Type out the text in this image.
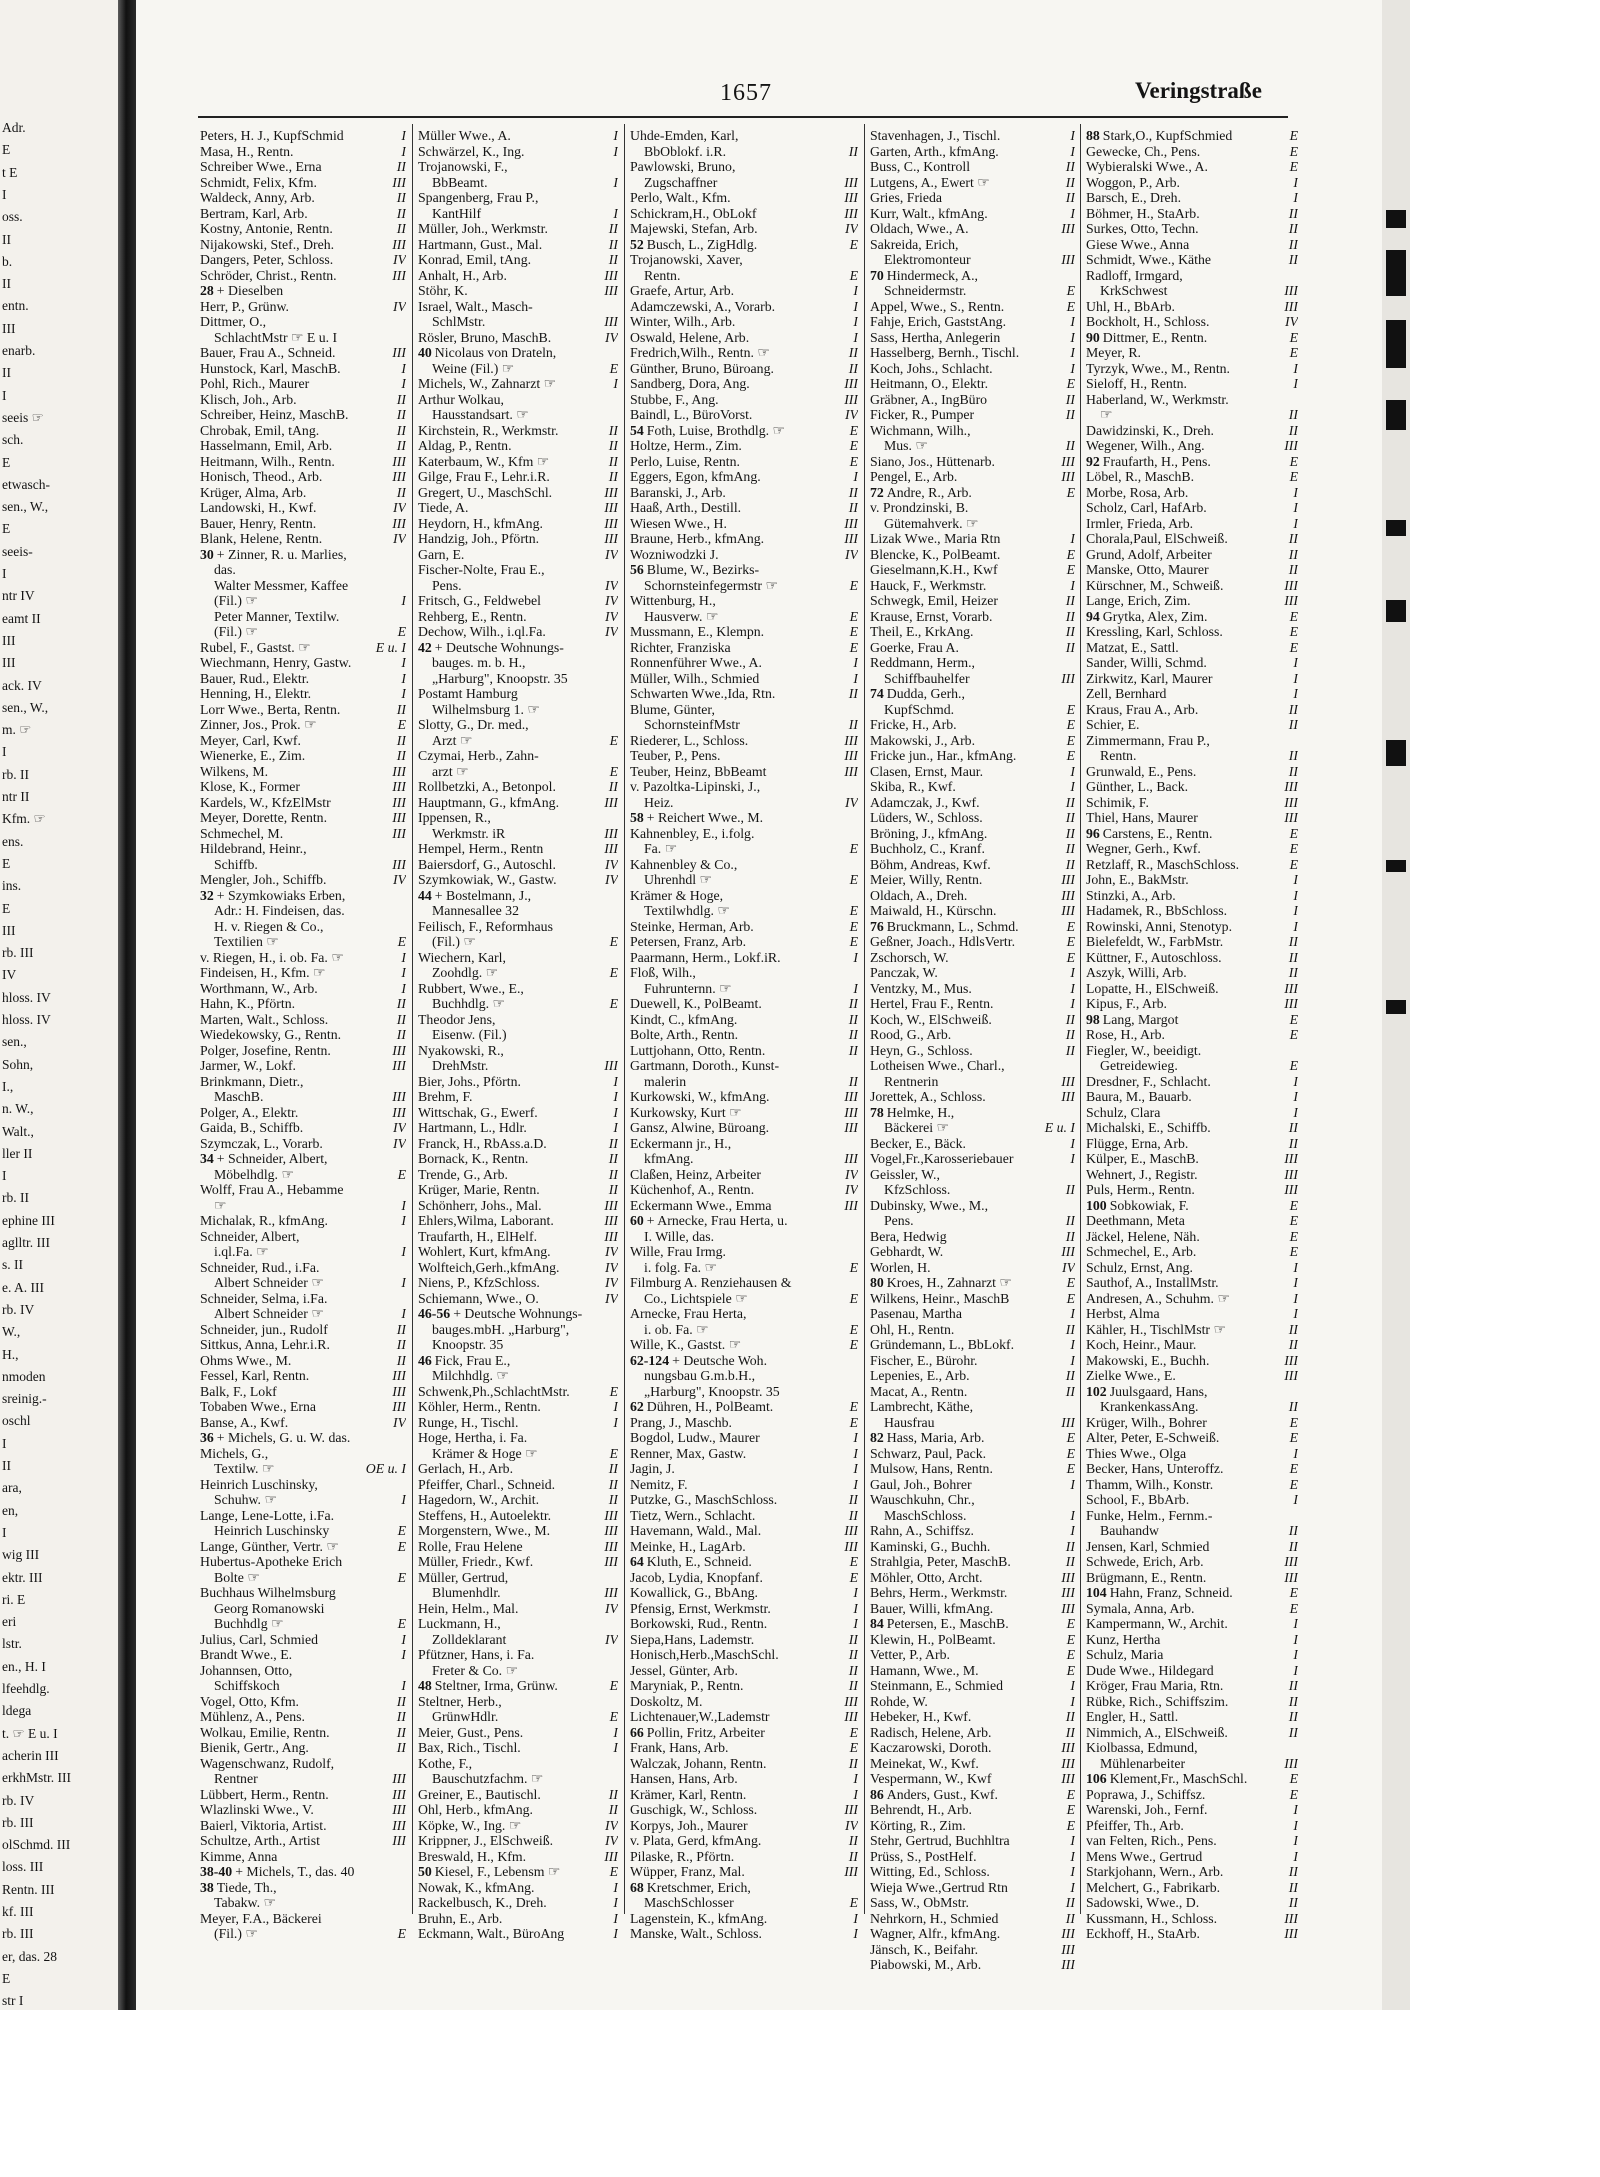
Adr.
E
t E
I
oss.
II
b.
II
entn.
III
enarb.
II
I
seeis ☞
sch.
E
etwasch-
sen., W.,
E
seeis-
I
ntr IV
eamt II
III
III
ack. IV
sen., W.,
m. ☞
I
rb. II
ntr II
Kfm. ☞
ens.
E
ins.
E
III
rb. III
IV
hloss. IV
hloss. IV
sen.,
Sohn,
I.,
n. W.,
Walt.,
ller II
I
rb. II
ephine III
aglltr. III
s. II
e. A. III
rb. IV
W.,
H.,
nmoden
sreinig.-
oschl
I
II
ara,
en,
I
wig III
ektr. III
ri. E
eri
lstr.
en., H. I
lfeehdlg.
ldega
t. ☞ E u. I
acherin III
erkhMstr. III
rb. IV
rb. III
olSchmd. III
loss. III
Rentn. III
kf. III
rb. III
er, das. 28
E
str I
1657	Veringstraße
Peters, H. J., KupfSchmid	I
Masa, H., Rentn.	I
Schreiber Wwe., Erna	II
Schmidt, Felix, Kfm.	III
Waldeck, Anny, Arb.	II
Bertram, Karl, Arb.	II
Kostny, Antonie, Rentn.	II
Nijakowski, Stef., Dreh.	III
Dangers, Peter, Schloss.	IV
Schröder, Christ., Rentn.	III
28 + Dieselben
Herr, P., Grünw.	IV
Dittmer, O.,
SchlachtMstr ☞ E u. I
Bauer, Frau A., Schneid.	III
Hunstock, Karl, MaschB.	I
Pohl, Rich., Maurer	I
Klisch, Joh., Arb.	II
Schreiber, Heinz, MaschB.	II
Chrobak, Emil, tAng.	II
Hasselmann, Emil, Arb.	II
Heitmann, Wilh., Rentn.	III
Honisch, Theod., Arb.	III
Krüger, Alma, Arb.	II
Landowski, H., Kwf.	IV
Bauer, Henry, Rentn.	III
Blank, Helene, Rentn.	IV
30 + Zinner, R. u. Marlies,
das.
Walter Messmer, Kaffee
(Fil.) ☞	I
Peter Manner, Textilw.
(Fil.) ☞	E
Rubel, F., Gastst. ☞	E u. I
Wiechmann, Henry, Gastw.	I
Bauer, Rud., Elektr.	I
Henning, H., Elektr.	I
Lorr Wwe., Berta, Rentn.	II
Zinner, Jos., Prok. ☞	E
Meyer, Carl, Kwf.	II
Wienerke, E., Zim.	II
Wilkens, M.	III
Klose, K., Former	III
Kardels, W., KfzElMstr	III
Meyer, Dorette, Rentn.	III
Schmechel, M.	III
Hildebrand, Heinr.,
Schiffb.	III
Mengler, Joh., Schiffb.	IV
32 + Szymkowiaks Erben,
Adr.: H. Findeisen, das.
H. v. Riegen & Co.,
Textilien ☞	E
v. Riegen, H., i. ob. Fa. ☞	I
Findeisen, H., Kfm. ☞	I
Worthmann, W., Arb.	I
Hahn, K., Pförtn.	II
Marten, Walt., Schloss.	II
Wiedekowsky, G., Rentn.	II
Polger, Josefine, Rentn.	III
Jarmer, W., Lokf.	III
Brinkmann, Dietr.,
MaschB.	III
Polger, A., Elektr.	III
Gaida, B., Schiffb.	IV
Szymczak, L., Vorarb.	IV
34 + Schneider, Albert,
Möbelhdlg. ☞	E
Wolff, Frau A., Hebamme
☞	I
Michalak, R., kfmAng.	I
Schneider, Albert,
i.ql.Fa. ☞	I
Schneider, Rud., i.Fa.
Albert Schneider ☞	I
Schneider, Selma, i.Fa.
Albert Schneider ☞	I
Schneider, jun., Rudolf	II
Sittkus, Anna, Lehr.i.R.	II
Ohms Wwe., M.	II
Fessel, Karl, Rentn.	III
Balk, F., Lokf	III
Tobaben Wwe., Erna	III
Banse, A., Kwf.	IV
36 + Michels, G. u. W. das.
Michels, G.,
Textilw. ☞	OE u. I
Heinrich Luschinsky,
Schuhw. ☞	I
Lange, Lene-Lotte, i.Fa.
Heinrich Luschinsky	E
Lange, Günther, Vertr. ☞	E
Hubertus-Apotheke Erich
Bolte ☞	E
Buchhaus Wilhelmsburg
Georg Romanowski
Buchhdlg ☞	E
Julius, Carl, Schmied	I
Brandt Wwe., E.	I
Johannsen, Otto,
Schiffskoch	I
Vogel, Otto, Kfm.	II
Mühlenz, A., Pens.	II
Wolkau, Emilie, Rentn.	II
Bienik, Gertr., Ang.	II
Wagenschwanz, Rudolf,
Rentner	III
Lübbert, Herm., Rentn.	III
Wlazlinski Wwe., V.	III
Baierl, Viktoria, Artist.	III
Schultze, Arth., Artist	III
Kimme, Anna
38-40 + Michels, T., das. 40
38 Tiede, Th.,
Tabakw. ☞
Meyer, F.A., Bäckerei
(Fil.) ☞	E
Müller Wwe., A.	I
Schwärzel, K., Ing.	I
Trojanowski, F.,
BbBeamt.	I
Spangenberg, Frau P.,
KantHilf	I
Müller, Joh., Werkmstr.	II
Hartmann, Gust., Mal.	II
Konrad, Emil, tAng.	II
Anhalt, H., Arb.	III
Stöhr, K.	III
Israel, Walt., Masch-
SchlMstr.	III
Rösler, Bruno, MaschB.	IV
40 Nicolaus von Drateln,
Weine (Fil.) ☞	E
Michels, W., Zahnarzt ☞	I
Arthur Wolkau,
Hausstandsart. ☞
Kirchstein, R., Werkmstr.	II
Aldag, P., Rentn.	II
Katerbaum, W., Kfm ☞	II
Gilge, Frau F., Lehr.i.R.	II
Gregert, U., MaschSchl.	III
Tiede, A.	III
Heydorn, H., kfmAng.	III
Handzig, Joh., Pförtn.	III
Garn, E.	IV
Fischer-Nolte, Frau E.,
Pens.	IV
Fritsch, G., Feldwebel	IV
Rehberg, E., Rentn.	IV
Dechow, Wilh., i.ql.Fa.	IV
42 + Deutsche Wohnungs-
bauges. m. b. H.,
„Harburg", Knoopstr. 35
Postamt Hamburg
Wilhelmsburg 1. ☞
Slotty, G., Dr. med.,
Arzt ☞	E
Czymai, Herb., Zahn-
arzt ☞	E
Rollbetzki, A., Betonpol.	II
Hauptmann, G., kfmAng.	III
Ippensen, R.,
Werkmstr. iR	III
Hempel, Herm., Rentn	III
Baiersdorf, G., Autoschl.	IV
Szymkowiak, W., Gastw.	IV
44 + Bostelmann, J.,
Mannesallee 32
Feilisch, F., Reformhaus
(Fil.) ☞	E
Wiechern, Karl,
Zoohdlg. ☞	E
Rubbert, Wwe., E.,
Buchhdlg. ☞	E
Theodor Jens,
Eisenw. (Fil.)
Nyakowski, R.,
DrehMstr.	III
Bier, Johs., Pförtn.	I
Brehm, F.	I
Wittschak, G., Ewerf.	I
Hartmann, L., Hdlr.	I
Franck, H., RbAss.a.D.	II
Bornack, K., Rentn.	II
Trende, G., Arb.	II
Krüger, Marie, Rentn.	II
Schönherr, Johs., Mal.	III
Ehlers,Wilma, Laborant.	III
Traufarth, H., ElHelf.	III
Wohlert, Kurt, kfmAng.	IV
Wolfteich,Gerh.,kfmAng.	IV
Niens, P., KfzSchloss.	IV
Schiemann, Wwe., O.	IV
46-56 + Deutsche Wohnungs-
bauges.mbH. „Harburg",
Knoopstr. 35
46 Fick, Frau E.,
Milchhdlg. ☞
Schwenk,Ph.,SchlachtMstr.	E
Köhler, Herm., Rentn.	I
Runge, H., Tischl.	I
Hoge, Hertha, i. Fa.
Krämer & Hoge ☞	E
Gerlach, H., Arb.	II
Pfeiffer, Charl., Schneid.	II
Hagedorn, W., Archit.	II
Steffens, H., Autoelektr.	III
Morgenstern, Wwe., M.	III
Rolle, Frau Helene	III
Müller, Friedr., Kwf.	III
Müller, Gertrud,
Blumenhdlr.	III
Hein, Helm., Mal.	IV
Luckmann, H.,
Zolldeklarant	IV
Pfützner, Hans, i. Fa.
Freter & Co. ☞
48 Steltner, Irma, Grünw.	E
Steltner, Herb.,
GrünwHdlr.	E
Meier, Gust., Pens.	I
Bax, Rich., Tischl.	I
Kothe, F.,
Bauschutzfachm. ☞
Greiner, E., Bautischl.	II
Ohl, Herb., kfmAng.	II
Köpke, W., Ing. ☞	IV
Krippner, J., ElSchweiß.	IV
Breswald, H., Kfm.	III
50 Kiesel, F., Lebensm ☞	E
Nowak, K., kfmAng.	I
Rackelbusch, K., Dreh.	I
Bruhn, E., Arb.	I
Eckmann, Walt., BüroAng	I
Uhde-Emden, Karl,
BbOblokf. i.R.	II
Pawlowski, Bruno,
Zugschaffner	III
Perlo, Walt., Kfm.	III
Schickram,H., ObLokf	III
Majewski, Stefan, Arb.	IV
52 Busch, L., ZigHdlg.	E
Trojanowski, Xaver,
Rentn.	E
Graefe, Artur, Arb.	I
Adamczewski, A., Vorarb.	I
Winter, Wilh., Arb.	I
Oswald, Helene, Arb.	I
Fredrich,Wilh., Rentn. ☞	II
Günther, Bruno, Büroang.	II
Sandberg, Dora, Ang.	III
Stubbe, F., Ang.	III
Baindl, L., BüroVorst.	IV
54 Foth, Luise, Brothdlg. ☞	E
Holtze, Herm., Zim.	E
Perlo, Luise, Rentn.	E
Eggers, Egon, kfmAng.	I
Baranski, J., Arb.	II
Haaß, Arth., Destill.	II
Wiesen Wwe., H.	III
Braune, Herb., kfmAng.	III
Wozniwodzki J.	IV
56 Blume, W., Bezirks-
Schornsteinfegermstr ☞	E
Wittenburg, H.,
Hausverw. ☞	E
Mussmann, E., Klempn.	E
Richter, Franziska	E
Ronnenführer Wwe., A.	I
Müller, Wilh., Schmied	I
Schwarten Wwe.,Ida, Rtn.	II
Blume, Günter,
SchornsteinfMstr	II
Riederer, L., Schloss.	III
Teuber, P., Pens.	III
Teuber, Heinz, BbBeamt	III
v. Pazoltka-Lipinski, J.,
Heiz.	IV
58 + Reichert Wwe., M.
Kahnenbley, E., i.folg.
Fa. ☞	E
Kahnenbley & Co.,
Uhrenhdl ☞	E
Krämer & Hoge,
Textilwhdlg. ☞	E
Steinke, Herman, Arb.	E
Petersen, Franz, Arb.	E
Paarmann, Herm., Lokf.iR.	I
Floß, Wilh.,
Fuhrunternn. ☞	I
Duewell, K., PolBeamt.	II
Kindt, C., kfmAng.	II
Bolte, Arth., Rentn.	II
Luttjohann, Otto, Rentn.	II
Gartmann, Doroth., Kunst-
malerin	II
Kurkowski, W., kfmAng.	III
Kurkowsky, Kurt ☞	III
Gansz, Alwine, Büroang.	III
Eckermann jr., H.,
kfmAng.	III
Claßen, Heinz, Arbeiter	IV
Küchenhof, A., Rentn.	IV
Eckermann Wwe., Emma	III
60 + Arnecke, Frau Herta, u.
I. Wille, das.
Wille, Frau Irmg.
i. folg. Fa. ☞	E
Filmburg A. Renziehausen &
Co., Lichtspiele ☞	E
Arnecke, Frau Herta,
i. ob. Fa. ☞	E
Wille, K., Gastst. ☞	E
62-124 + Deutsche Woh.
nungsbau G.m.b.H.,
„Harburg", Knoopstr. 35
62 Dühren, H., PolBeamt.	E
Prang, J., Maschb.	E
Bogdol, Ludw., Maurer	I
Renner, Max, Gastw.	I
Jagin, J.	I
Nemitz, F.	I
Putzke, G., MaschSchloss.	II
Tietz, Wern., Schlacht.	II
Havemann, Wald., Mal.	III
Meinke, H., LagArb.	III
64 Kluth, E., Schneid.	E
Jacob, Lydia, Knopfanf.	E
Kowallick, G., BbAng.	I
Pfensig, Ernst, Werkmstr.	I
Borkowski, Rud., Rentn.	I
Siepa,Hans, Lademstr.	II
Honisch,Herb.,MaschSchl.	II
Jessel, Günter, Arb.	II
Maryniak, P., Rentn.	II
Doskoltz, M.	III
Lichtenauer,W.,Lademstr	III
66 Pollin, Fritz, Arbeiter	E
Frank, Hans, Arb.	E
Walczak, Johann, Rentn.	II
Hansen, Hans, Arb.	I
Krämer, Karl, Rentn.	I
Guschigk, W., Schloss.	III
Korpys, Joh., Maurer	IV
v. Plata, Gerd, kfmAng.	II
Pilaske, R., Pförtn.	II
Wüpper, Franz, Mal.	III
68 Kretschmer, Erich,
MaschSchlosser	E
Lagenstein, K., kfmAng.	I
Manske, Walt., Schloss.	I
Stavenhagen, J., Tischl.	I
Garten, Arth., kfmAng.	I
Buss, C., Kontroll	II
Lutgens, A., Ewert ☞	II
Gries, Frieda	II
Kurr, Walt., kfmAng.	I
Oldach, Wwe., A.	III
Sakreida, Erich,
Elektromonteur	III
70 Hindermeck, A.,
Schneidermstr.	E
Appel, Wwe., S., Rentn.	E
Fahje, Erich, GaststAng.	I
Sass, Hertha, Anlegerin	I
Hasselberg, Bernh., Tischl.	I
Koch, Johs., Schlacht.	I
Heitmann, O., Elektr.	E
Gräbner, A., IngBüro	II
Ficker, R., Pumper	II
Wichmann, Wilh.,
Mus. ☞	II
Siano, Jos., Hüttenarb.	III
Pengel, E., Arb.	III
72 Andre, R., Arb.	E
v. Prondzinski, B.
Gütemahverk. ☞
Lizak Wwe., Maria Rtn	I
Blencke, K., PolBeamt.	E
Gieselmann,K.H., Kwf	E
Hauck, F., Werkmstr.	I
Schwegk, Emil, Heizer	II
Krause, Ernst, Vorarb.	II
Theil, E., KrkAng.	II
Goerke, Frau A.	II
Reddmann, Herm.,
Schiffbauhelfer	III
74 Dudda, Gerh.,
KupfSchmd.	E
Fricke, H., Arb.	E
Makowski, J., Arb.	E
Fricke jun., Har., kfmAng.	E
Clasen, Ernst, Maur.	I
Skiba, R., Kwf.	I
Adamczak, J., Kwf.	II
Lüders, W., Schloss.	II
Bröning, J., kfmAng.	II
Buchholz, C., Kranf.	II
Böhm, Andreas, Kwf.	II
Meier, Willy, Rentn.	III
Oldach, A., Dreh.	III
Maiwald, H., Kürschn.	III
76 Bruckmann, L., Schmd.	E
Geßner, Joach., HdlsVertr.	E
Zschorsch, W.	E
Panczak, W.	I
Ventzky, M., Mus.	I
Hertel, Frau F., Rentn.	I
Koch, W., ElSchweiß.	II
Rood, G., Arb.	II
Heyn, G., Schloss.	II
Lotheisen Wwe., Charl.,
Rentnerin	III
Jorettek, A., Schloss.	III
78 Helmke, H.,
Bäckerei ☞	E u. I
Becker, E., Bäck.	I
Vogel,Fr.,Karosseriebauer	I
Geissler, W.,
KfzSchloss.	II
Dubinsky, Wwe., M.,
Pens.	II
Bera, Hedwig	II
Gebhardt, W.	III
Worlen, H.	IV
80 Kroes, H., Zahnarzt ☞	E
Wilkens, Heinr., MaschB	E
Pasenau, Martha	I
Ohl, H., Rentn.	II
Gründemann, L., BbLokf.	I
Fischer, E., Bürohr.	I
Lepenies, E., Arb.	II
Macat, A., Rentn.	II
Lambrecht, Käthe,
Hausfrau	III
82 Hass, Maria, Arb.	E
Schwarz, Paul, Pack.	E
Mulsow, Hans, Rentn.	E
Gaul, Joh., Bohrer	I
Wauschkuhn, Chr.,
MaschSchloss.	I
Rahn, A., Schiffsz.	I
Kaminski, G., Buchh.	II
Strahlgia, Peter, MaschB.	II
Möhler, Otto, Archt.	III
Behrs, Herm., Werkmstr.	III
Bauer, Willi, kfmAng.	III
84 Petersen, E., MaschB.	E
Klewin, H., PolBeamt.	E
Vetter, P., Arb.	E
Hamann, Wwe., M.	E
Steinmann, E., Schmied	I
Rohde, W.	I
Hebeker, H., Kwf.	II
Radisch, Helene, Arb.	II
Kaczarowski, Doroth.	III
Meinekat, W., Kwf.	III
Vespermann, W., Kwf	III
86 Anders, Gust., Kwf.	E
Behrendt, H., Arb.	E
Körting, R., Zim.	E
Stehr, Gertrud, Buchhltra	I
Prüss, S., PostHelf.	I
Witting, Ed., Schloss.	I
Wieja Wwe.,Gertrud Rtn	I
Sass, W., ObMstr.	II
Nehrkorn, H., Schmied	II
Wagner, Alfr., kfmAng.	III
Jänsch, K., Beifahr.	III
Piabowski, M., Arb.	III
88 Stark,O., KupfSchmied	E
Gewecke, Ch., Pens.	E
Wybieralski Wwe., A.	E
Woggon, P., Arb.	I
Barsch, E., Dreh.	I
Böhmer, H., StaArb.	II
Surkes, Otto, Techn.	II
Giese Wwe., Anna	II
Schmidt, Wwe., Käthe	II
Radloff, Irmgard,
KrkSchwest	III
Uhl, H., BbArb.	III
Bockholt, H., Schloss.	IV
90 Dittmer, E., Rentn.	E
Meyer, R.	E
Tyrzyk, Wwe., M., Rentn.	I
Sieloff, H., Rentn.	I
Haberland, W., Werkmstr.
☞	II
Dawidzinski, K., Dreh.	II
Wegener, Wilh., Ang.	III
92 Fraufarth, H., Pens.	E
Löbel, R., MaschB.	E
Morbe, Rosa, Arb.	I
Scholz, Carl, HafArb.	I
Irmler, Frieda, Arb.	I
Chorala,Paul, ElSchweiß.	II
Grund, Adolf, Arbeiter	II
Manske, Otto, Maurer	II
Kürschner, M., Schweiß.	III
Lange, Erich, Zim.	III
94 Grytka, Alex, Zim.	E
Kressling, Karl, Schloss.	E
Matzat, E., Sattl.	E
Sander, Willi, Schmd.	I
Zirkwitz, Karl, Maurer	I
Zell, Bernhard	I
Kraus, Frau A., Arb.	II
Schier, E.	II
Zimmermann, Frau P.,
Rentn.	II
Grunwald, E., Pens.	II
Günther, L., Back.	III
Schimik, F.	III
Thiel, Hans, Maurer	III
96 Carstens, E., Rentn.	E
Wegner, Gerh., Kwf.	E
Retzlaff, R., MaschSchloss.	E
John, E., BakMstr.	I
Stinzki, A., Arb.	I
Hadamek, R., BbSchloss.	I
Rowinski, Anni, Stenotyp.	I
Bielefeldt, W., FarbMstr.	II
Küttner, F., Autoschloss.	II
Aszyk, Willi, Arb.	II
Lopatte, H., ElSchweiß.	III
Kipus, F., Arb.	III
98 Lang, Margot	E
Rose, H., Arb.	E
Fiegler, W., beeidigt.
Getreidewieg.	E
Dresdner, F., Schlacht.	I
Baura, M., Bauarb.	I
Schulz, Clara	I
Michalski, E., Schiffb.	II
Flügge, Erna, Arb.	II
Külper, E., MaschB.	III
Wehnert, J., Registr.	III
Puls, Herm., Rentn.	III
100 Sobkowiak, F.	E
Deethmann, Meta	E
Jäckel, Helene, Näh.	E
Schmechel, E., Arb.	E
Schulz, Ernst, Ang.	I
Sauthof, A., InstallMstr.	I
Andresen, A., Schuhm. ☞	I
Herbst, Alma	I
Kähler, H., TischlMstr ☞	II
Koch, Heinr., Maur.	II
Makowski, E., Buchh.	III
Zielke Wwe., E.	III
102 Juulsgaard, Hans,
KrankenkassAng.	II
Krüger, Wilh., Bohrer	E
Alter, Peter, E-Schweiß.	E
Thies Wwe., Olga	I
Becker, Hans, Unteroffz.	E
Thamm, Wilh., Konstr.	E
School, F., BbArb.	I
Funke, Helm., Fernm.-
Bauhandw	II
Jensen, Karl, Schmied	II
Schwede, Erich, Arb.	III
Brügmann, E., Rentn.	III
104 Hahn, Franz, Schneid.	E
Symala, Anna, Arb.	E
Kampermann, W., Archit.	I
Kunz, Hertha	I
Schulz, Maria	I
Dude Wwe., Hildegard	I
Kröger, Frau Maria, Rtn.	II
Rübke, Rich., Schiffszim.	II
Engler, H., Sattl.	II
Nimmich, A., ElSchweiß.	II
Kiolbassa, Edmund,
Mühlenarbeiter	III
106 Klement,Fr., MaschSchl.	E
Poprawa, J., Schiffsz.	E
Warenski, Joh., Fernf.	I
Pfeiffer, Th., Arb.	I
van Felten, Rich., Pens.	I
Mens Wwe., Gertrud	I
Starkjohann, Wern., Arb.	II
Melchert, G., Fabrikarb.	II
Sadowski, Wwe., D.	II
Kussmann, H., Schloss.	III
Eckhoff, H., StaArb.	III
